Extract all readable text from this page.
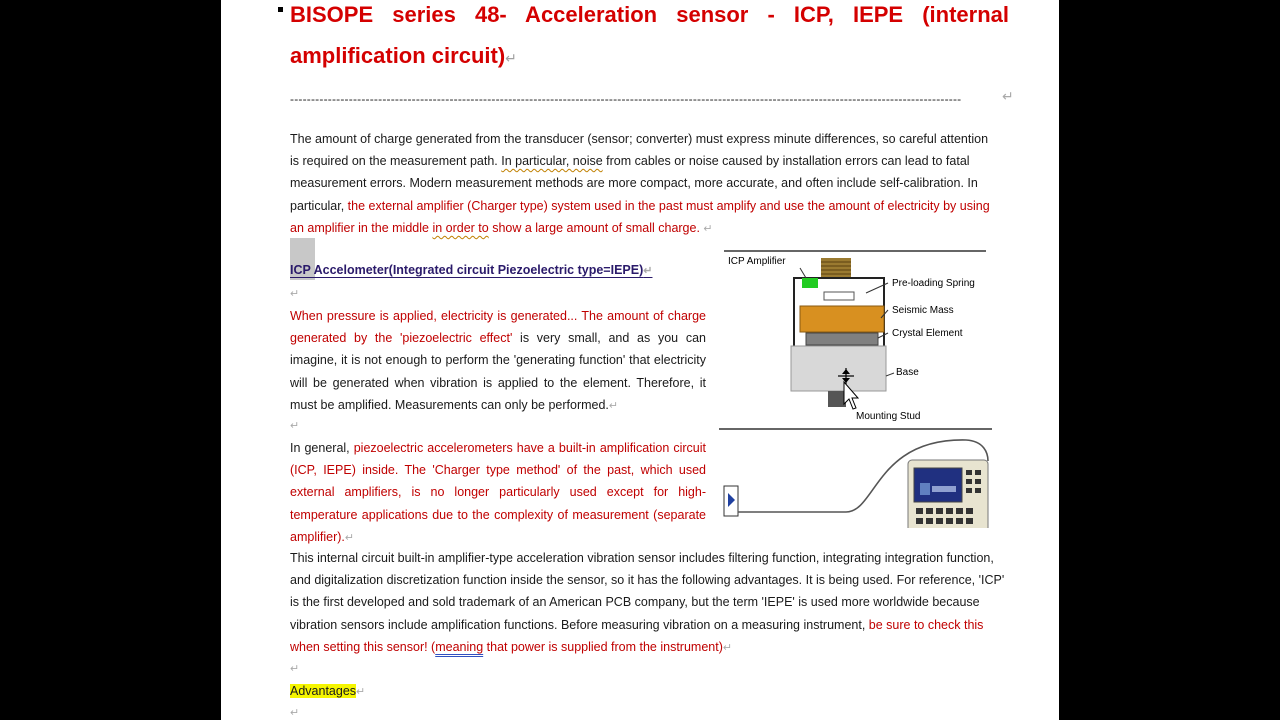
BISOPE series 48- Acceleration sensor - ICP, IEPE (internal amplification circuit)↵
----------------------------------------------------------------------------------------------------------------------------------------------------------------	↵
The amount of charge generated from the transducer (sensor; converter) must express minute differences, so careful attention is required on the measurement path. In particular, noise from cables or noise caused by installation errors can lead to fatal measurement errors. Modern measurement methods are more compact, more accurate, and often include self-calibration. In particular, the external amplifier (Charger type) system used in the past must amplify and use the amount of electricity by using an amplifier in the middle in order to show a large amount of small charge. ↵
ICP Accelometer(Integrated circuit Piezoelectric type=IEPE)↵
↵
When pressure is applied, electricity is generated... The amount of charge generated by the 'piezoelectric effect' is very small, and as you can imagine, it is not enough to perform the 'generating function' that electricity will be generated when vibration is applied to the element. Therefore, it must be amplified. Measurements can only be performed.↵
↵
In general, piezoelectric accelerometers have a built-in amplification circuit (ICP, IEPE) inside. The 'Charger type method' of the past, which used external amplifiers, is no longer particularly used except for high-temperature applications due to the complexity of measurement (separate amplifier).↵
This internal circuit built-in amplifier-type acceleration vibration sensor includes filtering function, integrating integration function, and digitalization discretization function inside the sensor, so it has the following advantages. It is being used. For reference, 'ICP' is the first developed and sold trademark of an American PCB company, but the term 'IEPE' is used more worldwide because vibration sensors include amplification functions. Before measuring vibration on a measuring instrument, be sure to check this when setting this sensor! (meaning that power is supplied from the instrument)↵
↵
Advantages↵
↵
ICP Amplifier
Pre-loading Spring
Seismic Mass
Crystal Element
Base
Mounting Stud
